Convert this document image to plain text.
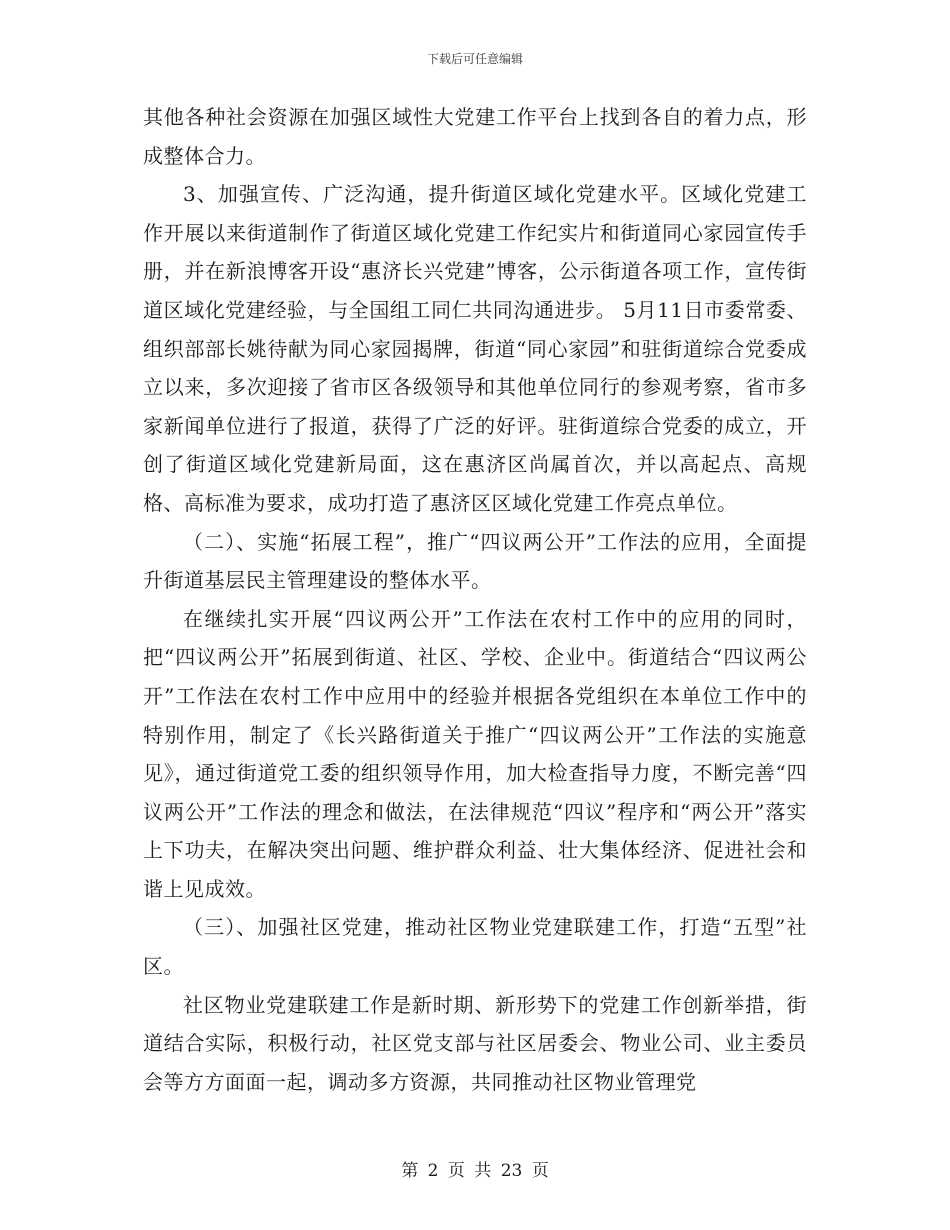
下载后可任意编辑

其他各种社会资源在加强区域性大党建工作平台上找到各自的着力点，形成整体合力。

3、加强宣传、广泛沟通，提升街道区域化党建水平。区域化党建工作开展以来街道制作了街道区域化党建工作纪实片和街道同心家园宣传手册，并在新浪博客开设“惠济长兴党建”博客，公示街道各项工作，宣传街道区域化党建经验，与全国组工同仁共同沟通进步。 5月11日市委常委、组织部部长姚待献为同心家园揭牌，街道“同心家园”和驻街道综合党委成立以来，多次迎接了省市区各级领导和其他单位同行的参观考察，省市多家新闻单位进行了报道，获得了广泛的好评。驻街道综合党委的成立，开创了街道区域化党建新局面，这在惠济区尚属首次，并以高起点、高规格、高标准为要求，成功打造了惠济区区域化党建工作亮点单位。

（二）、实施“拓展工程”，推广“四议两公开”工作法的应用，全面提升街道基层民主管理建设的整体水平。

在继续扎实开展“四议两公开”工作法在农村工作中的应用的同时，把“四议两公开”拓展到街道、社区、学校、企业中。街道结合“四议两公开”工作法在农村工作中应用中的经验并根据各党组织在本单位工作中的特别作用，制定了《长兴路街道关于推广“四议两公开”工作法的实施意见》，通过街道党工委的组织领导作用，加大检查指导力度，不断完善“四议两公开”工作法的理念和做法，在法律规范“四议”程序和“两公开”落实上下功夫，在解决突出问题、维护群众利益、壮大集体经济、促进社会和谐上见成效。

（三）、加强社区党建，推动社区物业党建联建工作，打造“五型”社区。

社区物业党建联建工作是新时期、新形势下的党建工作创新举措，街道结合实际，积极行动，社区党支部与社区居委会、物业公司、业主委员会等方方面面一起，调动多方资源，共同推动社区物业管理党

第 2 页 共 23 页
